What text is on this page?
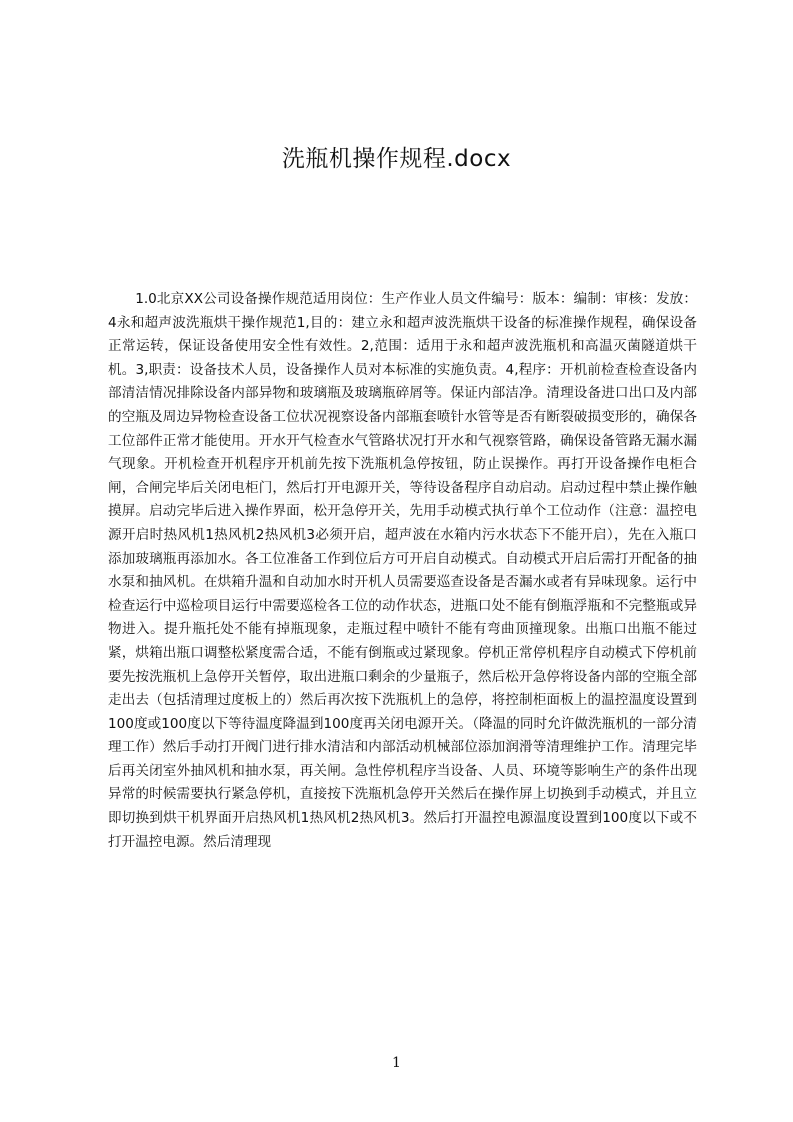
洗瓶机操作规程.docx

1.0北京XX公司设备操作规范适用岗位：生产作业人员文件编号：版本：编制：审核：发放：4永和超声波洗瓶烘干操作规范1,目的：建立永和超声波洗瓶烘干设备的标准操作规程，确保设备正常运转，保证设备使用安全性有效性。2,范围：适用于永和超声波洗瓶机和高温灭菌隧道烘干机。3,职责：设备技术人员，设备操作人员对本标准的实施负责。4,程序：开机前检查检查设备内部清洁情况排除设备内部异物和玻璃瓶及玻璃瓶碎屑等。保证内部洁净。清理设备进口出口及内部的空瓶及周边异物检查设备工位状况视察设备内部瓶套喷针水管等是否有断裂破损变形的，确保各工位部件正常才能使用。开水开气检查水气管路状况打开水和气视察管路，确保设备管路无漏水漏气现象。开机检查开机程序开机前先按下洗瓶机急停按钮，防止误操作。再打开设备操作电柜合闸，合闸完毕后关闭电柜门，然后打开电源开关，等待设备程序自动启动。启动过程中禁止操作触摸屏。启动完毕后进入操作界面，松开急停开关，先用手动模式执行单个工位动作（注意：温控电源开启时热风机1热风机2热风机3必须开启，超声波在水箱内污水状态下不能开启），先在入瓶口添加玻璃瓶再添加水。各工位准备工作到位后方可开启自动模式。自动模式开启后需打开配备的抽水泵和抽风机。在烘箱升温和自动加水时开机人员需要巡查设备是否漏水或者有异味现象。运行中检查运行中巡检项目运行中需要巡检各工位的动作状态，进瓶口处不能有倒瓶浮瓶和不完整瓶或异物进入。提升瓶托处不能有掉瓶现象，走瓶过程中喷针不能有弯曲顶撞现象。出瓶口出瓶不能过紧，烘箱出瓶口调整松紧度需合适，不能有倒瓶或过紧现象。停机正常停机程序自动模式下停机前要先按洗瓶机上急停开关暂停，取出进瓶口剩余的少量瓶子，然后松开急停将设备内部的空瓶全部走出去（包括清理过度板上的）然后再次按下洗瓶机上的急停，将控制柜面板上的温控温度设置到100度或100度以下等待温度降温到100度再关闭电源开关。（降温的同时允许做洗瓶机的一部分清理工作）然后手动打开阀门进行排水清洁和内部活动机械部位添加润滑等清理维护工作。清理完毕后再关闭室外抽风机和抽水泵，再关闸。急性停机程序当设备、人员、环境等影响生产的条件出现异常的时候需要执行紧急停机，直接按下洗瓶机急停开关然后在操作屏上切换到手动模式，并且立即切换到烘干机界面开启热风机1热风机2热风机3。然后打开温控电源温度设置到100度以下或不打开温控电源。然后清理现

1
